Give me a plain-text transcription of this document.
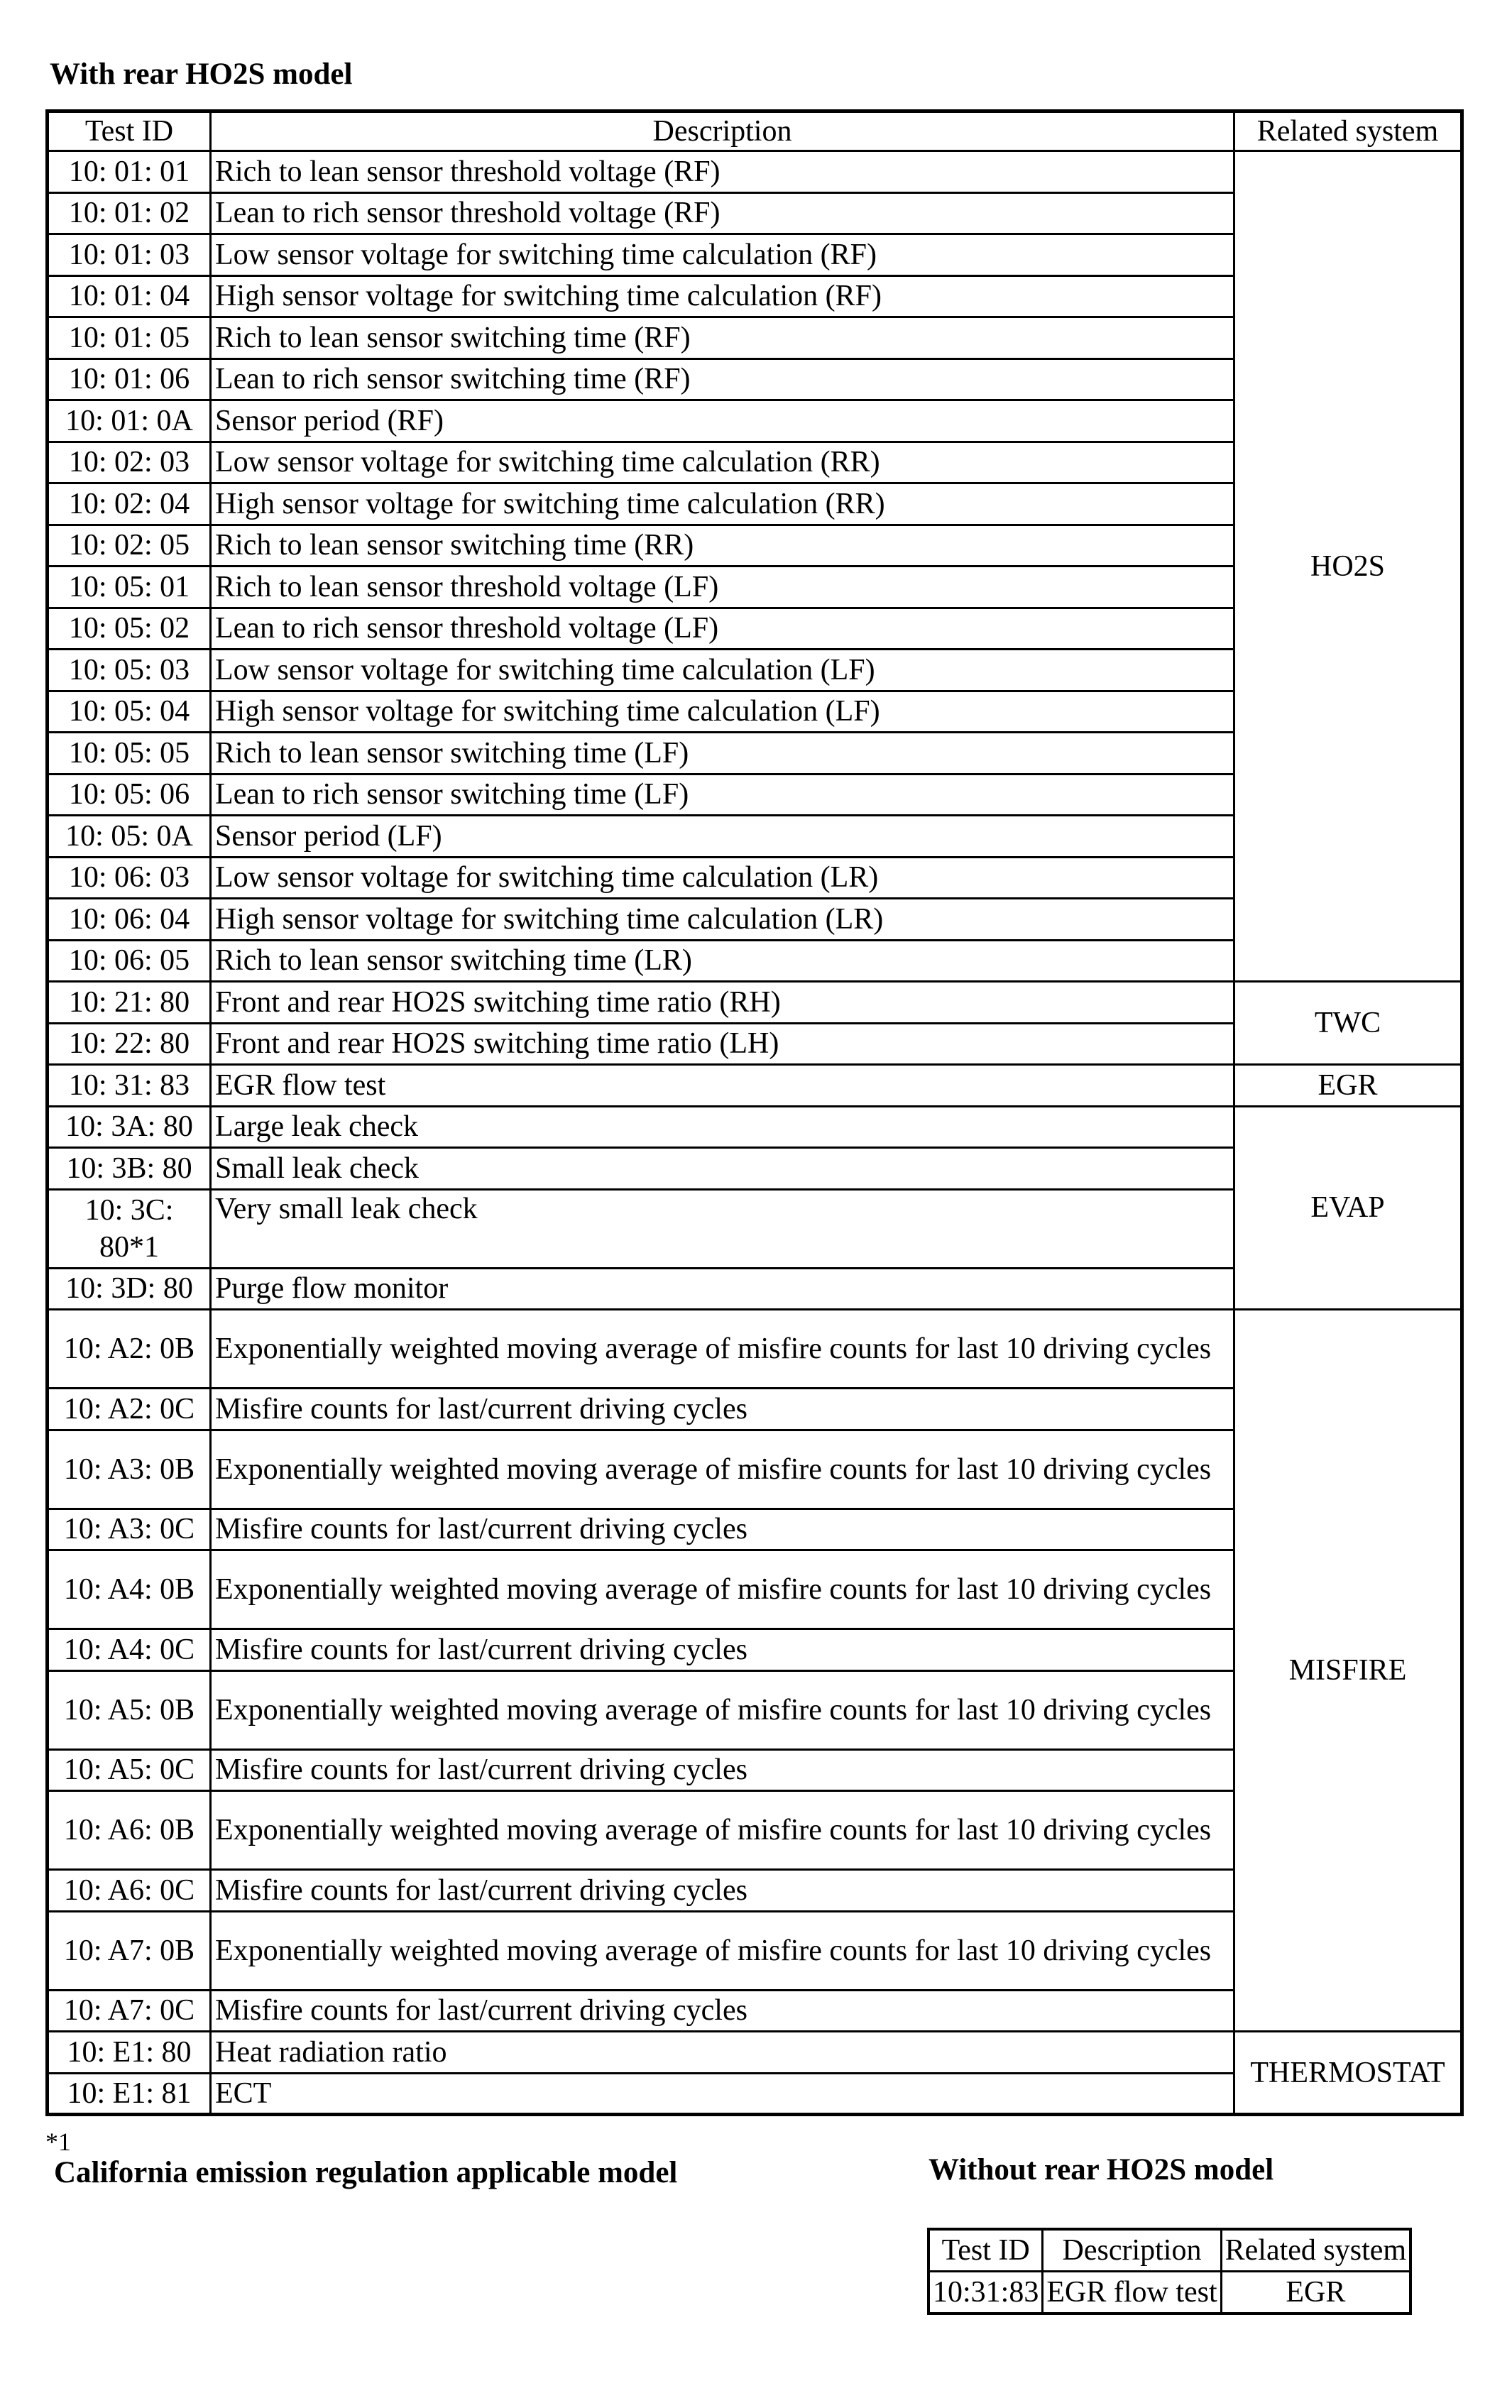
With rear HO2S model
Test ID	Description	Related system
10: 01: 01	Rich to lean sensor threshold voltage (RF)	HO2S
10: 01: 02	Lean to rich sensor threshold voltage (RF)	
10: 01: 03	Low sensor voltage for switching time calculation (RF)	
10: 01: 04	High sensor voltage for switching time calculation (RF)	
10: 01: 05	Rich to lean sensor switching time (RF)	
10: 01: 06	Lean to rich sensor switching time (RF)	
10: 01: 0A	Sensor period (RF)	
10: 02: 03	Low sensor voltage for switching time calculation (RR)	
10: 02: 04	High sensor voltage for switching time calculation (RR)	
10: 02: 05	Rich to lean sensor switching time (RR)	
10: 05: 01	Rich to lean sensor threshold voltage (LF)	
10: 05: 02	Lean to rich sensor threshold voltage (LF)	
10: 05: 03	Low sensor voltage for switching time calculation (LF)	
10: 05: 04	High sensor voltage for switching time calculation (LF)	
10: 05: 05	Rich to lean sensor switching time (LF)	
10: 05: 06	Lean to rich sensor switching time (LF)	
10: 05: 0A	Sensor period (LF)	
10: 06: 03	Low sensor voltage for switching time calculation (LR)	
10: 06: 04	High sensor voltage for switching time calculation (LR)	
10: 06: 05	Rich to lean sensor switching time (LR)	
10: 21: 80	Front and rear HO2S switching time ratio (RH)	TWC
10: 22: 80	Front and rear HO2S switching time ratio (LH)	
10: 31: 83	EGR flow test	EGR
10: 3A: 80	Large leak check	EVAP
10: 3B: 80	Small leak check	
10: 3C: 80*1	Very small leak check	
10: 3D: 80	Purge flow monitor	
10: A2: 0B	Exponentially weighted moving average of misfire counts for last 10 driving cycles	MISFIRE
10: A2: 0C	Misfire counts for last/current driving cycles	
10: A3: 0B	Exponentially weighted moving average of misfire counts for last 10 driving cycles	
10: A3: 0C	Misfire counts for last/current driving cycles	
10: A4: 0B	Exponentially weighted moving average of misfire counts for last 10 driving cycles	
10: A4: 0C	Misfire counts for last/current driving cycles	
10: A5: 0B	Exponentially weighted moving average of misfire counts for last 10 driving cycles	
10: A5: 0C	Misfire counts for last/current driving cycles	
10: A6: 0B	Exponentially weighted moving average of misfire counts for last 10 driving cycles	
10: A6: 0C	Misfire counts for last/current driving cycles	
10: A7: 0B	Exponentially weighted moving average of misfire counts for last 10 driving cycles	
10: A7: 0C	Misfire counts for last/current driving cycles	
10: E1: 80	Heat radiation ratio	THERMOSTAT
10: E1: 81	ECT	
*1
California emission regulation applicable model	Without rear HO2S model
Test ID	Description	Related system
10:31:83	EGR flow test	EGR
